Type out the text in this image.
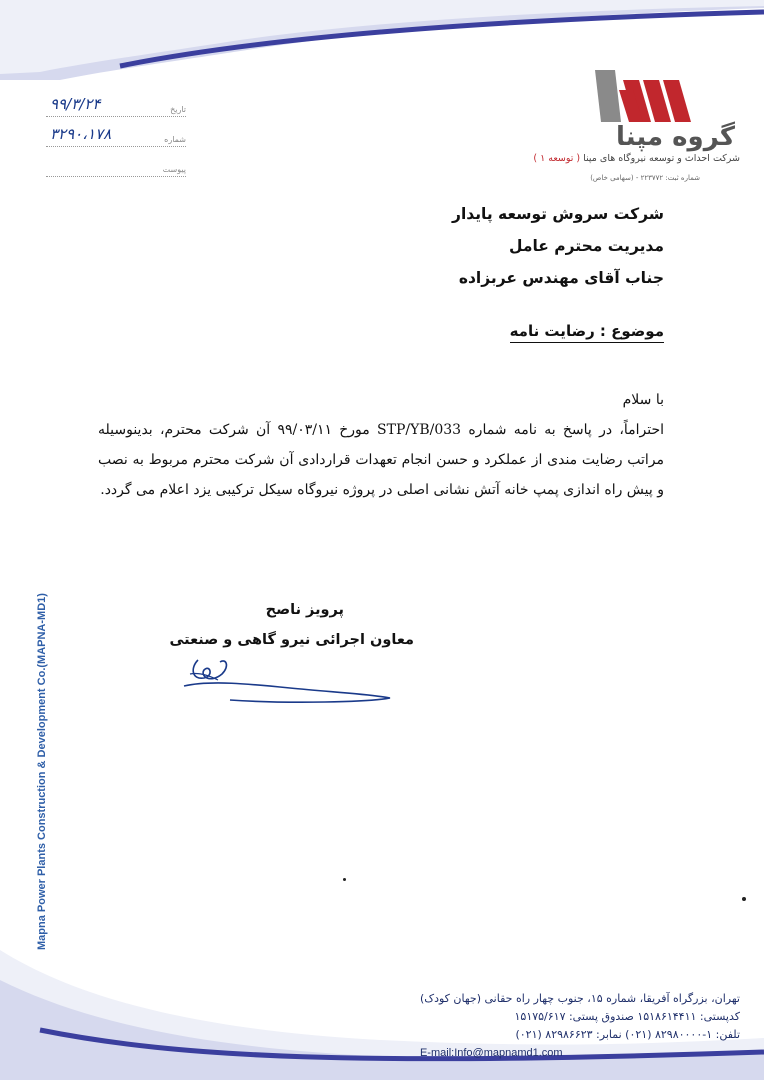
گروه مپنا
شرکت احداث و توسعه نیروگاه های مپنا ( توسعه ۱ )
شماره ثبت: ۲۲۳۷۷۲ - (سهامی خاص)
تاریخ
۹۹/۳/۲۴
شماره
۳۲۹۰،۱۷۸
پیوست
شرکت سروش توسعه پایدار
مدیریت محترم عامل
جناب آقای مهندس عربزاده
موضوع : رضایت نامه

با سلام

احتراماً، در پاسخ به نامه شماره STP/YB/033 مورخ ۹۹/۰۳/۱۱ آن شرکت محترم، بدینوسیله مراتب رضایت مندی از عملکرد و حسن انجام تعهدات قراردادی آن شرکت محترم مربوط به نصب و پیش راه اندازی پمپ خانه آتش نشانی اصلی در پروژه نیروگاه سیکل ترکیبی یزد اعلام می گردد.

پرویز ناصح
معاون اجرائی نیرو گاهی و صنعتی
Mapna Power Plants Construction & Development Co.(MAPNA-MD1)
تهران، بزرگراه آفریقا، شماره ۱۵، جنوب چهار راه حقانی (جهان کودک)
کدپستی: ۱۵۱۸۶۱۴۴۱۱ صندوق پستی: ۱۵۱۷۵/۶۱۷
تلفن: ۱-۸۲۹۸۰۰۰۰ (۰۲۱) نمابر: ۸۲۹۸۶۶۲۳ (۰۲۱)
E-mail:Info@mapnamd1.com
